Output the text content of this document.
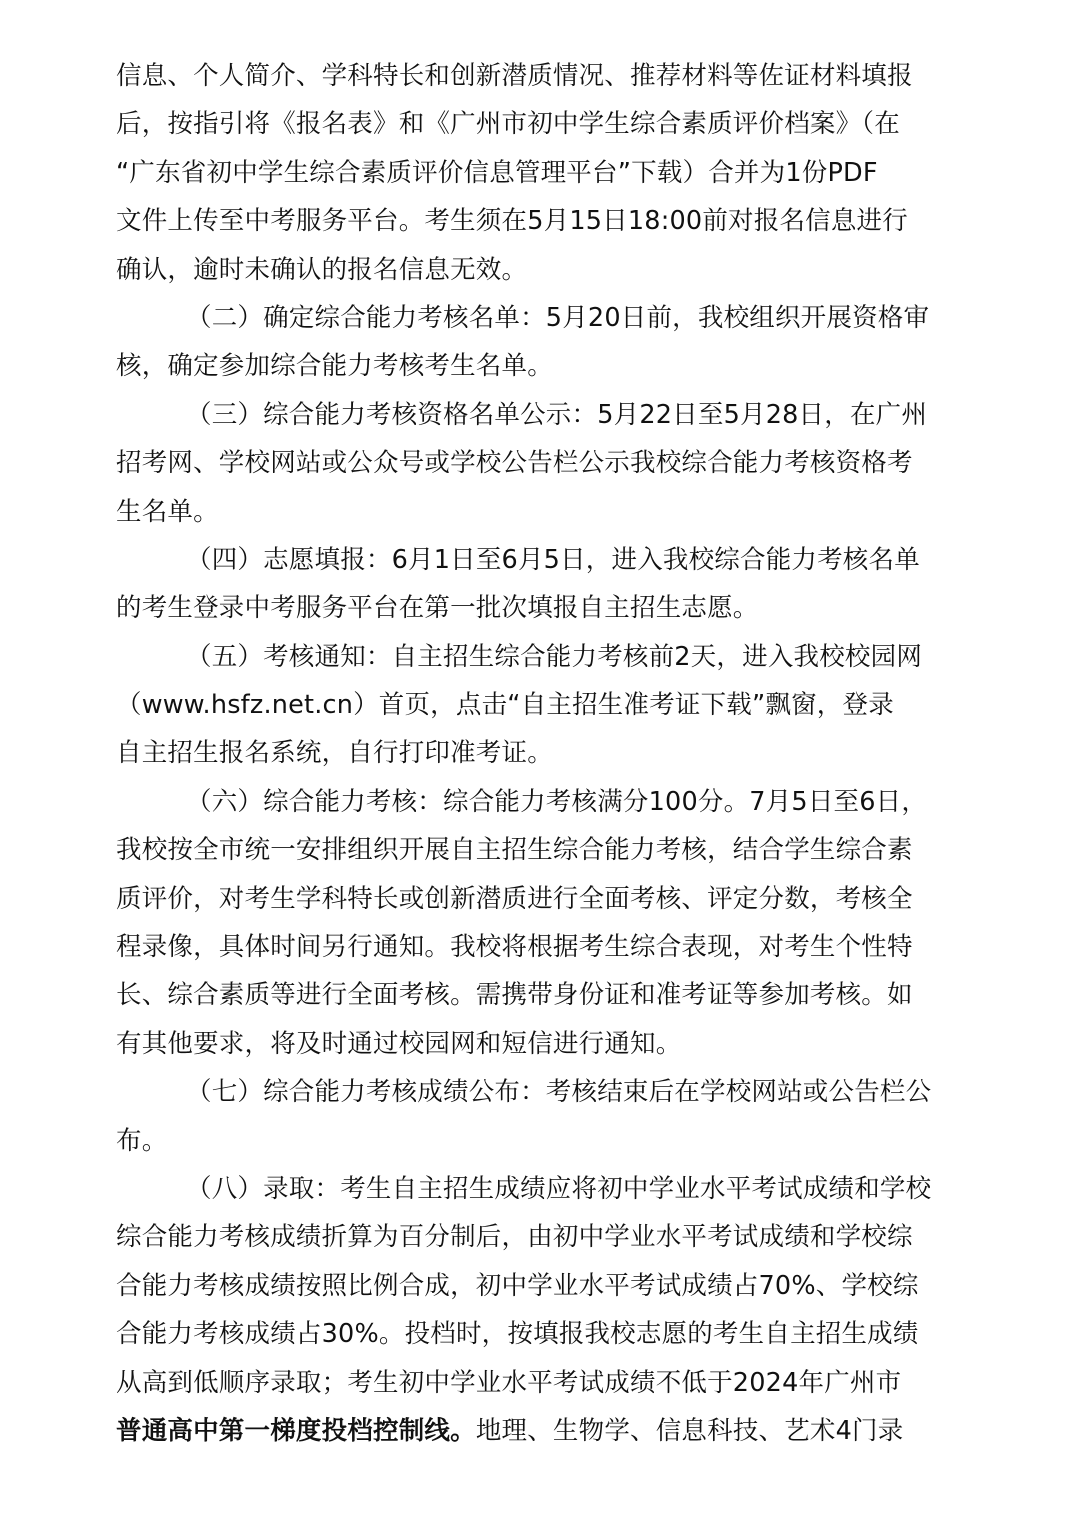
信息、个人简介、学科特长和创新潜质情况、推荐材料等佐证材料填报
后，按指引将《报名表》和《广州市初中学生综合素质评价档案》（在
“广东省初中学生综合素质评价信息管理平台”下载）合并为1份PDF
文件上传至中考服务平台。考生须在5月15日18:00前对报名信息进行
确认，逾时未确认的报名信息无效。
（二）确定综合能力考核名单：5月20日前，我校组织开展资格审
核，确定参加综合能力考核考生名单。
（三）综合能力考核资格名单公示：5月22日至5月28日，在广州
招考网、学校网站或公众号或学校公告栏公示我校综合能力考核资格考
生名单。
（四）志愿填报：6月1日至6月5日，进入我校综合能力考核名单
的考生登录中考服务平台在第一批次填报自主招生志愿。
（五）考核通知：自主招生综合能力考核前2天，进入我校校园网
（www.hsfz.net.cn）首页，点击“自主招生准考证下载”飘窗，登录
自主招生报名系统，自行打印准考证。
（六）综合能力考核：综合能力考核满分100分。7月5日至6日，
我校按全市统一安排组织开展自主招生综合能力考核，结合学生综合素
质评价，对考生学科特长或创新潜质进行全面考核、评定分数，考核全
程录像，具体时间另行通知。我校将根据考生综合表现，对考生个性特
长、综合素质等进行全面考核。需携带身份证和准考证等参加考核。如
有其他要求，将及时通过校园网和短信进行通知。
（七）综合能力考核成绩公布：考核结束后在学校网站或公告栏公
布。
（八）录取：考生自主招生成绩应将初中学业水平考试成绩和学校
综合能力考核成绩折算为百分制后，由初中学业水平考试成绩和学校综
合能力考核成绩按照比例合成，初中学业水平考试成绩占70%、学校综
合能力考核成绩占30%。投档时，按填报我校志愿的考生自主招生成绩
从高到低顺序录取；考生初中学业水平考试成绩不低于2024年广州市
普通高中第一梯度投档控制线。地理、生物学、信息科技、艺术4门录
